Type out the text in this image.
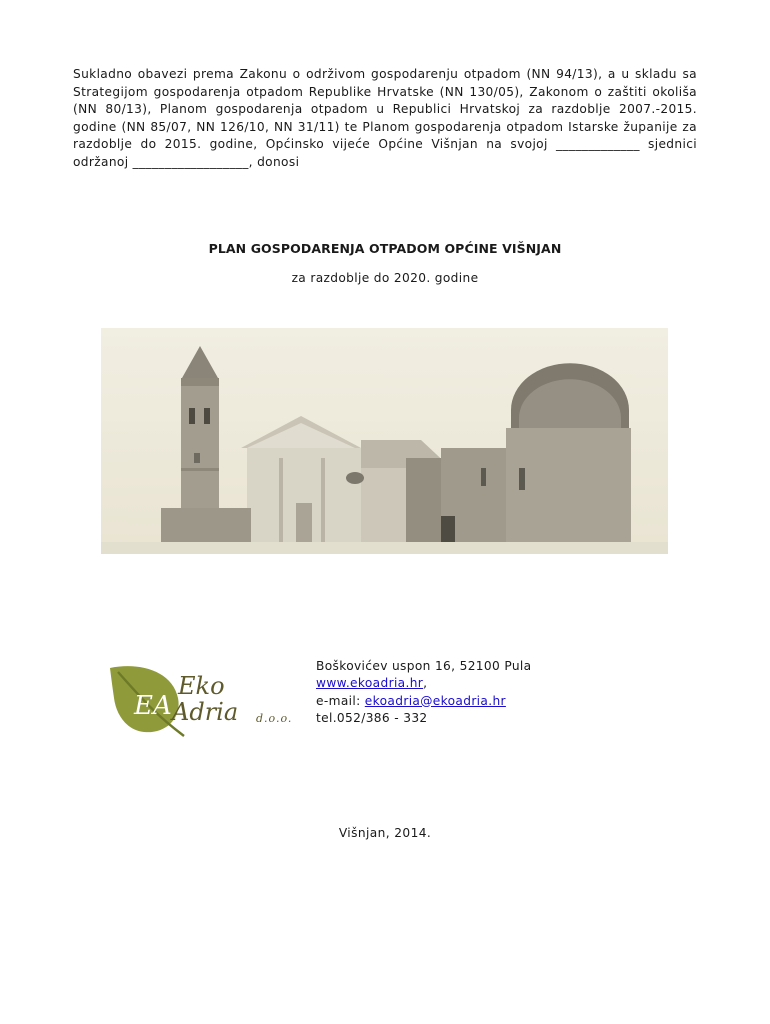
Sukladno obavezi prema Zakonu o održivom gospodarenju otpadom (NN 94/13), a u skladu sa Strategijom gospodarenja otpadom Republike Hrvatske (NN 130/05), Zakonom o zaštiti okoliša (NN 80/13), Planom gospodarenja otpadom u Republici Hrvatskoj za razdoblje 2007.-2015. godine (NN 85/07, NN 126/10, NN 31/11) te Planom gospodarenja otpadom Istarske županije za razdoblje do 2015. godine, Općinsko vijeće Općine Višnjan na svojoj _____________ sjednici održanoj __________________, donosi
PLAN GOSPODARENJA OTPADOM OPĆINE VIŠNJAN
za razdoblje do 2020. godine
EA
Eko
Adria d.o.o.
Boškovićev uspon 16, 52100 Pula
www.ekoadria.hr,
e-mail: ekoadria@ekoadria.hr
tel.052/386 - 332
Višnjan, 2014.
